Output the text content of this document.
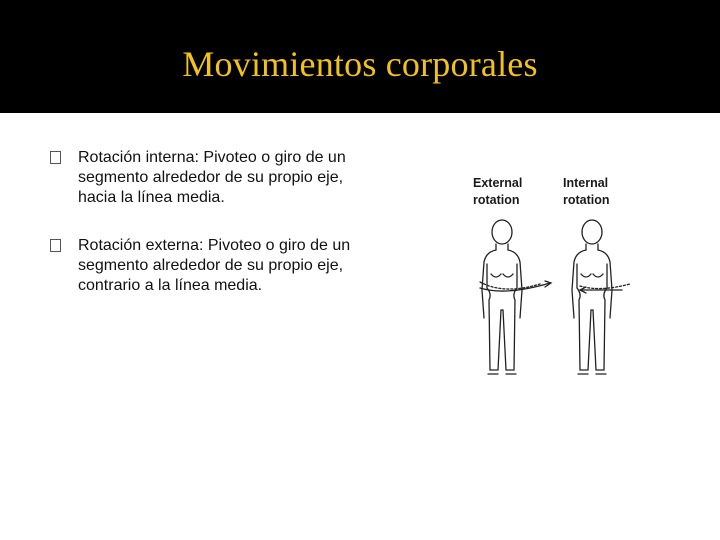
Movimientos corporales
Rotación interna: Pivoteo o giro de un segmento alrededor de su propio eje, hacia la línea media.
Rotación externa: Pivoteo o giro de un segmento alrededor de su propio eje, contrario a la línea media.
External
rotation
Internal
rotation
